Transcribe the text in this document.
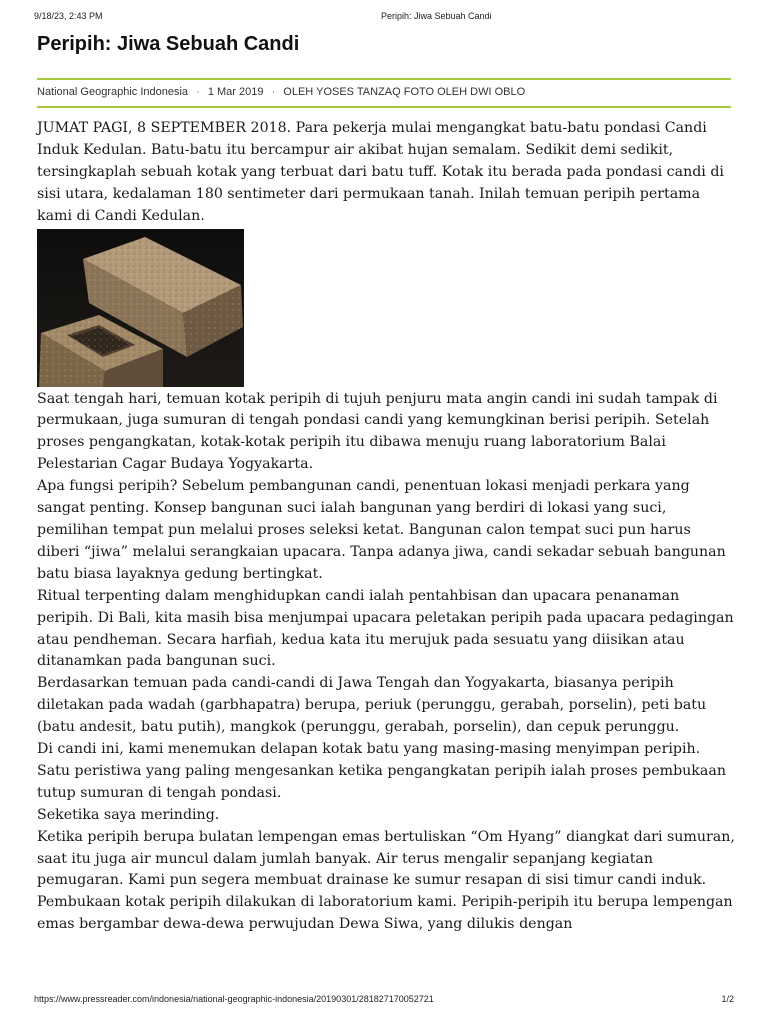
9/18/23, 2:43 PM	Peripih: Jiwa Sebuah Candi
Peripih: Jiwa Sebuah Candi
National Geographic Indonesia · 1 Mar 2019 · OLEH YOSES TANZAQ FOTO OLEH DWI OBLO

JUMAT PAGI, 8 SEPTEMBER 2018. Para pekerja mulai mengangkat batu-batu pondasi Candi Induk Kedulan. Batu-batu itu bercampur air akibat hujan semalam. Sedikit demi sedikit, tersingkaplah sebuah kotak yang terbuat dari batu tuff. Kotak itu berada pada pondasi candi di sisi utara, kedalaman 180 sentimeter dari permukaan tanah. Inilah temuan peripih pertama kami di Candi Kedulan.

Saat tengah hari, temuan kotak peripih di tujuh penjuru mata angin candi ini sudah tampak di permukaan, juga sumuran di tengah pondasi candi yang kemungkinan berisi peripih. Setelah proses pengangkatan, kotak-kotak peripih itu dibawa menuju ruang laboratorium Balai Pelestarian Cagar Budaya Yogyakarta.

Apa fungsi peripih? Sebelum pembangunan candi, penentuan lokasi menjadi perkara yang sangat penting. Konsep bangunan suci ialah bangunan yang berdiri di lokasi yang suci, pemilihan tempat pun melalui proses seleksi ketat. Bangunan calon tempat suci pun harus diberi “jiwa” melalui serangkaian upacara. Tanpa adanya jiwa, candi sekadar sebuah bangunan batu biasa layaknya gedung bertingkat.

Ritual terpenting dalam menghidupkan candi ialah pentahbisan dan upacara penanaman peripih. Di Bali, kita masih bisa menjumpai upacara peletakan peripih pada upacara pedagingan atau pendheman. Secara harfiah, kedua kata itu merujuk pada sesuatu yang diisikan atau ditanamkan pada bangunan suci.

Berdasarkan temuan pada candi-candi di Jawa Tengah dan Yogyakarta, biasanya peripih diletakan pada wadah (garbhapatra) berupa, periuk (perunggu, gerabah, porselin), peti batu (batu andesit, batu putih), mangkok (perunggu, gerabah, porselin), dan cepuk perunggu.

Di candi ini, kami menemukan delapan kotak batu yang masing-masing menyimpan peripih. Satu peristiwa yang paling mengesankan ketika pengangkatan peripih ialah proses pembukaan tutup sumuran di tengah pondasi.

Seketika saya merinding.

Ketika peripih berupa bulatan lempengan emas bertuliskan “Om Hyang” diangkat dari sumuran, saat itu juga air muncul dalam jumlah banyak. Air terus mengalir sepanjang kegiatan pemugaran. Kami pun segera membuat drainase ke sumur resapan di sisi timur candi induk.

Pembukaan kotak peripih dilakukan di laboratorium kami. Peripih-peripih itu berupa lempengan emas bergambar dewa-dewa perwujudan Dewa Siwa, yang dilukis dengan

https://www.pressreader.com/indonesia/national-geographic-indonesia/20190301/281827170052721	1/2
